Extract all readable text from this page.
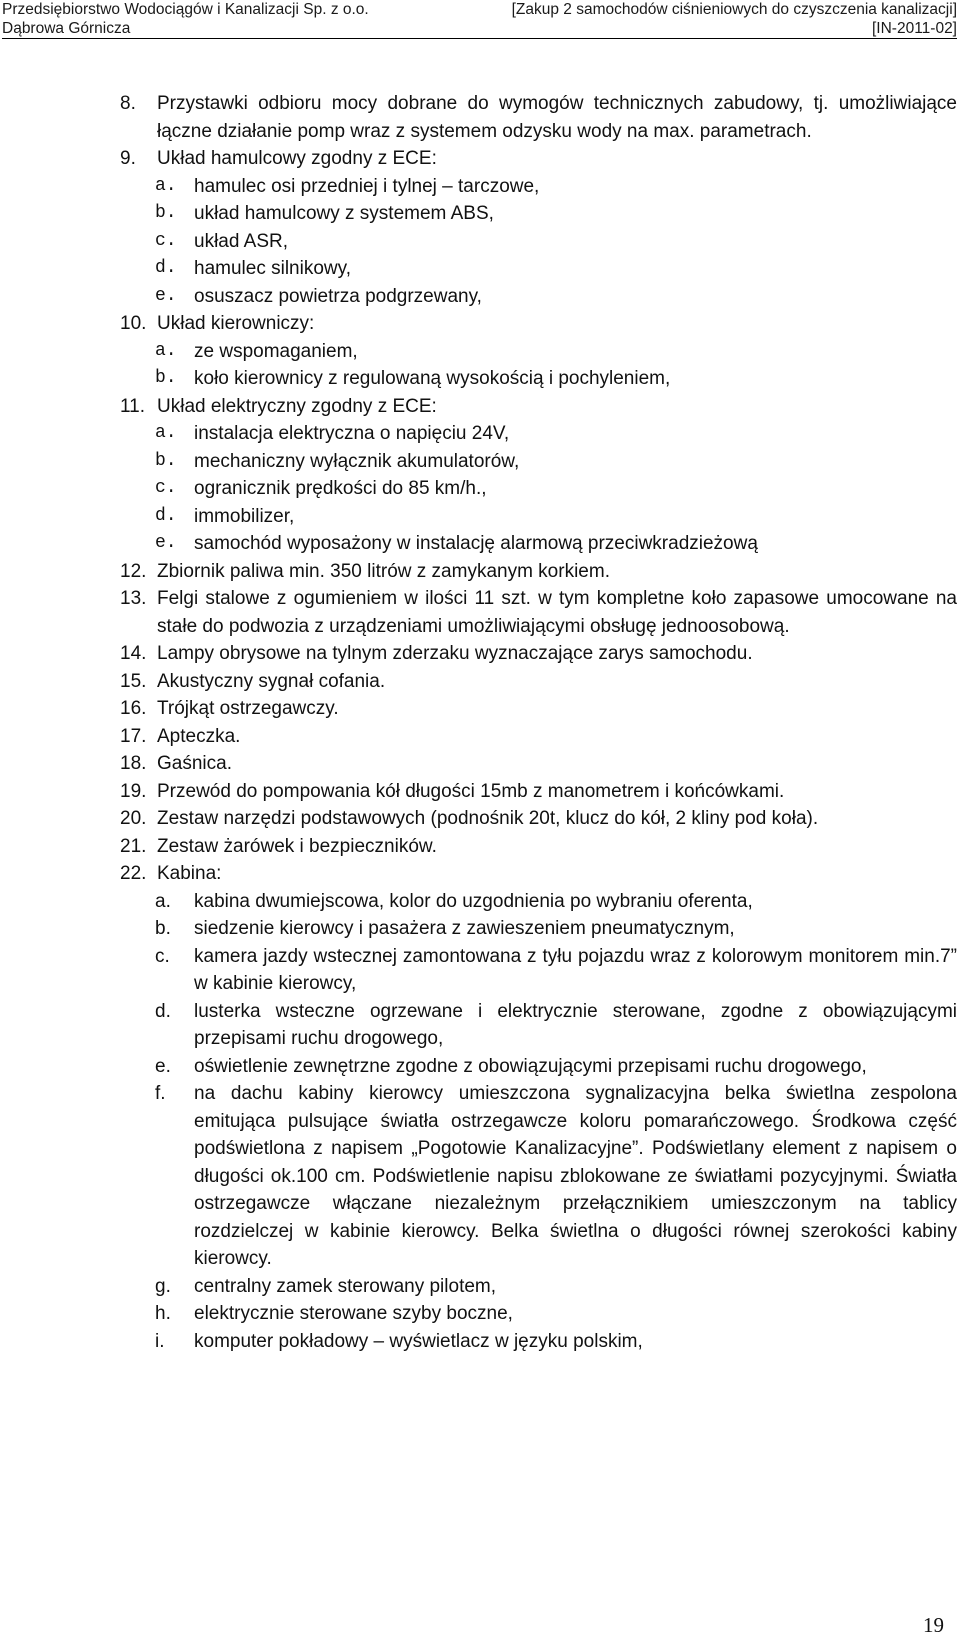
Przedsiębiorstwo Wodociągów i Kanalizacji Sp. z o.o.
Dąbrowa Górnicza
[Zakup 2 samochodów ciśnieniowych do czyszczenia kanalizacji]
[IN-2011-02]
8. Przystawki odbioru mocy dobrane do wymogów technicznych zabudowy, tj. umożliwiające łączne działanie pomp wraz z systemem odzysku wody na max. parametrach.
9. Układ hamulcowy zgodny z ECE:
a. hamulec osi przedniej i tylnej – tarczowe,
b. układ hamulcowy z systemem ABS,
c. układ ASR,
d. hamulec silnikowy,
e. osuszacz powietrza podgrzewany,
10. Układ kierowniczy:
a. ze wspomaganiem,
b. koło kierownicy z regulowaną wysokością i pochyleniem,
11. Układ elektryczny zgodny z ECE:
a. instalacja elektryczna o napięciu 24V,
b. mechaniczny wyłącznik akumulatorów,
c. ogranicznik prędkości do 85 km/h.,
d. immobilizer,
e. samochód wyposażony w instalację alarmową przeciwkradzieżową
12. Zbiornik paliwa min. 350 litrów z zamykanym korkiem.
13. Felgi stalowe z ogumieniem w ilości 11 szt. w tym kompletne koło zapasowe umocowane na stałe do podwozia z urządzeniami umożliwiającymi obsługę jednoosobową.
14. Lampy obrysowe na tylnym zderzaku wyznaczające zarys samochodu.
15. Akustyczny sygnał cofania.
16. Trójkąt ostrzegawczy.
17. Apteczka.
18. Gaśnica.
19. Przewód do pompowania kół długości 15mb z manometrem i końcówkami.
20. Zestaw narzędzi podstawowych (podnośnik 20t, klucz do kół, 2 kliny pod koła).
21. Zestaw żarówek i bezpieczników.
22. Kabina:
a. kabina dwumiejscowa, kolor do uzgodnienia po wybraniu oferenta,
b. siedzenie kierowcy i pasażera z zawieszeniem pneumatycznym,
c. kamera jazdy wstecznej zamontowana z tyłu pojazdu wraz z kolorowym monitorem min.7” w kabinie kierowcy,
d. lusterka wsteczne ogrzewane i elektrycznie sterowane, zgodne z obowiązującymi przepisami ruchu drogowego,
e. oświetlenie zewnętrzne zgodne z obowiązującymi przepisami ruchu drogowego,
f. na dachu kabiny kierowcy umieszczona sygnalizacyjna belka świetlna zespolona emitująca pulsujące światła ostrzegawcze koloru pomarańczowego. Środkowa część podświetlona z napisem „Pogotowie Kanalizacyjne”. Podświetlany element z napisem o długości ok.100 cm. Podświetlenie napisu zblokowane ze światłami pozycyjnymi. Światła ostrzegawcze włączane niezależnym przełącznikiem umieszczonym na tablicy rozdzielczej w kabinie kierowcy. Belka świetlna o długości równej szerokości kabiny kierowcy.
g. centralny zamek sterowany pilotem,
h. elektrycznie sterowane szyby boczne,
i. komputer pokładowy – wyświetlacz w języku polskim,
19
